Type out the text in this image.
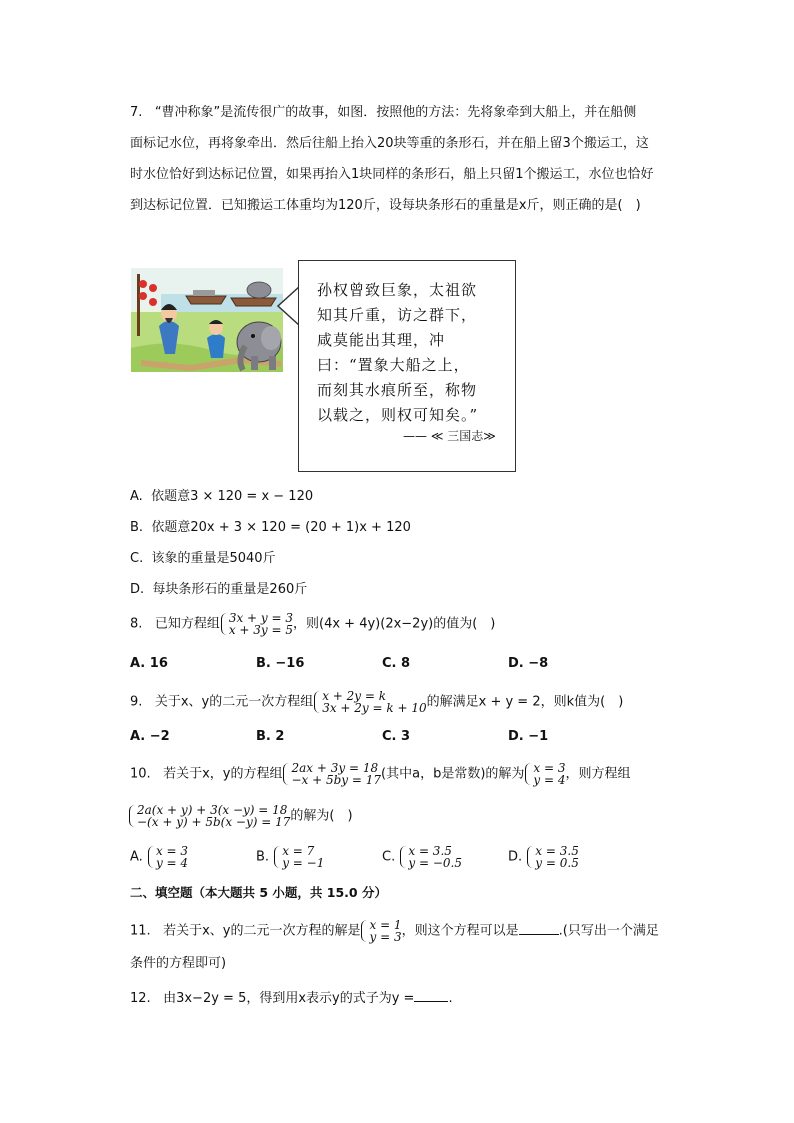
7. “曹冲称象”是流传很广的故事，如图．按照他的方法：先将象牵到大船上，并在船侧
面标记水位，再将象牵出．然后往船上抬入20块等重的条形石，并在船上留3个搬运工，这
时水位恰好到达标记位置，如果再抬入1块同样的条形石，船上只留1个搬运工，水位也恰好
到达标记位置．已知搬运工体重均为120斤，设每块条形石的重量是x斤，则正确的是(　)
孙权曾致巨象，太祖欲
知其斤重，访之群下，
咸莫能出其理，冲
曰：“置象大船之上，
而刻其水痕所至，称物
以载之，则权可知矣。”
—— ≪ 三国志≫
A. 依题意3 × 120 = x − 120
B. 依题意20x + 3 × 120 = (20 + 1)x + 120
C. 该象的重量是5040斤
D. 每块条形石的重量是260斤
8. 已知方程组 3x + y = 3
x + 3y = 5 ，则(4x + 4y)(2x−2y)的值为(　)
A. 16	B. −16	C. 8	D. −8
9. 关于x、y的二元一次方程组 x + 2y = k
3x + 2y = k + 10 的解满足x + y = 2，则k值为(　)
A. −2	B. 2	C. 3	D. −1
10. 若关于x，y的方程组 2ax + 3y = 18
−x + 5by = 17 (其中a，b是常数)的解为 x = 3
y = 4 ，则方程组
2a(x + y) + 3(x −y) = 18
−(x + y) + 5b(x −y) = 17 的解为(　)
A. x = 3
y = 4	B. x = 7
y = −1	C. x = 3.5
y = −0.5	D. x = 3.5
y = 0.5
二、填空题（本大题共 5 小题，共 15.0 分）
11. 若关于x、y的二元一次方程的解是 x = 1
y = 3 ，则这个方程可以是	.(只写出一个满足
条件的方程即可)
12. 由3x−2y = 5，得到用x表示y的式子为y =	.
